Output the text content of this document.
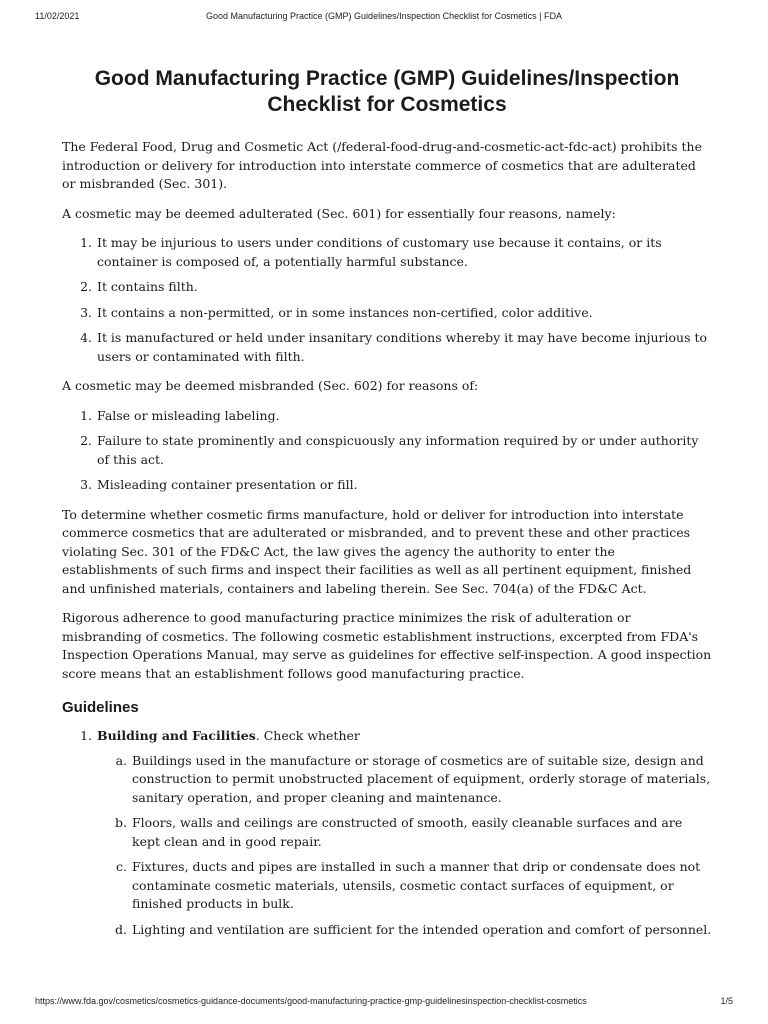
11/02/2021	Good Manufacturing Practice (GMP) Guidelines/Inspection Checklist for Cosmetics | FDA
Good Manufacturing Practice (GMP) Guidelines/Inspection Checklist for Cosmetics

The Federal Food, Drug and Cosmetic Act (/federal-food-drug-and-cosmetic-act-fdc-act) prohibits the introduction or delivery for introduction into interstate commerce of cosmetics that are adulterated or misbranded (Sec. 301).

A cosmetic may be deemed adulterated (Sec. 601) for essentially four reasons, namely:

1. It may be injurious to users under conditions of customary use because it contains, or its container is composed of, a potentially harmful substance.
2. It contains filth.
3. It contains a non-permitted, or in some instances non-certified, color additive.
4. It is manufactured or held under insanitary conditions whereby it may have become injurious to users or contaminated with filth.

A cosmetic may be deemed misbranded (Sec. 602) for reasons of:

1. False or misleading labeling.
2. Failure to state prominently and conspicuously any information required by or under authority of this act.
3. Misleading container presentation or fill.

To determine whether cosmetic firms manufacture, hold or deliver for introduction into interstate commerce cosmetics that are adulterated or misbranded, and to prevent these and other practices violating Sec. 301 of the FD&C Act, the law gives the agency the authority to enter the establishments of such firms and inspect their facilities as well as all pertinent equipment, finished and unfinished materials, containers and labeling therein. See Sec. 704(a) of the FD&C Act.

Rigorous adherence to good manufacturing practice minimizes the risk of adulteration or misbranding of cosmetics. The following cosmetic establishment instructions, excerpted from FDA's Inspection Operations Manual, may serve as guidelines for effective self-inspection. A good inspection score means that an establishment follows good manufacturing practice.

Guidelines
1. Building and Facilities. Check whether
a. Buildings used in the manufacture or storage of cosmetics are of suitable size, design and construction to permit unobstructed placement of equipment, orderly storage of materials, sanitary operation, and proper cleaning and maintenance.
b. Floors, walls and ceilings are constructed of smooth, easily cleanable surfaces and are kept clean and in good repair.
c. Fixtures, ducts and pipes are installed in such a manner that drip or condensate does not contaminate cosmetic materials, utensils, cosmetic contact surfaces of equipment, or finished products in bulk.
d. Lighting and ventilation are sufficient for the intended operation and comfort of personnel.
https://www.fda.gov/cosmetics/cosmetics-guidance-documents/good-manufacturing-practice-gmp-guidelinesinspection-checklist-cosmetics	1/5
